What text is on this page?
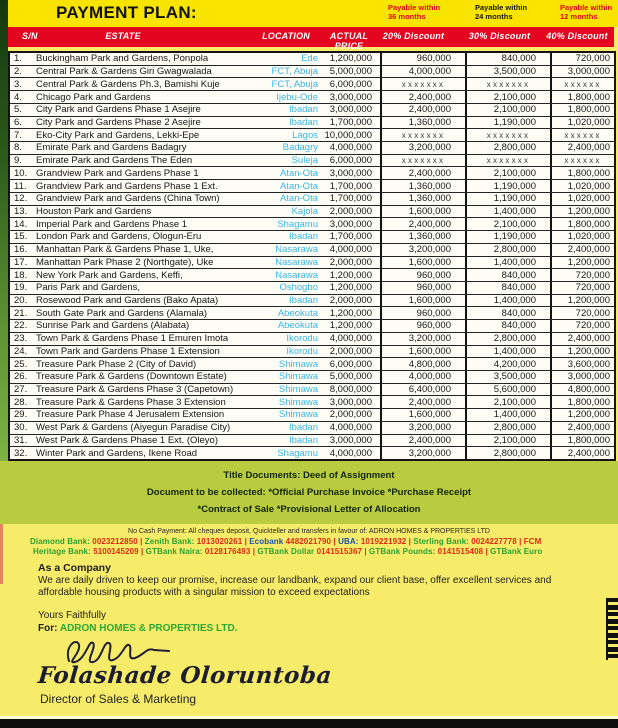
PAYMENT PLAN:	Payable within
36 months
Payable within
24 months
Payable within
12 months
S/N	ESTATE	LOCATION	ACTUAL PRICE
20% Discount	30% Discount	40% Discount
1.	Buckingham Park and Gardens, Ponpola	Ede	1,200,000	960,000	840,000	720,000
2.	Central Park & Gardens Giri Gwagwalada	FCT, Abuja	5,000,000	4,000,000	3,500,000	3,000,000
3.	Central Park & Gardens Ph.3, Bamishi Kuje	FCT, Abuja	6,000,000	xxxxxxx	xxxxxxx	xxxxxx
4.	Chicago Park and Gardens	Ijebu-Ode	3,000,000	2,400,000	2,100,000	1,800,000
5.	City Park and Gardens Phase 1 Asejire	Ibadan	3,000,000	2,400,000	2,100,000	1,800,000
6.	City Park and Gardens Phase 2 Asejire	Ibadan	1,700,000	1,360,000	1,190,000	1,020,000
7.	Eko-City Park and Gardens, Lekki-Epe	Lagos 10,000,000	xxxxxxx	xxxxxxx	xxxxxx
8.	Emirate Park and Gardens Badagry	Badagry	4,000,000	3,200,000	2,800,000	2,400,000
9.	Emirate Park and Gardens The Eden	Suleja	6,000,000	xxxxxxx	xxxxxxx	xxxxxx
10. Grandview Park and Gardens Phase 1	Atan-Ota	3,000,000	2,400,000	2,100,000	1,800,000
11. Grandview Park and Gardens Phase 1 Ext.	Atan-Ota	1,700,000	1,360,000	1,190,000	1,020,000
12. Grandview Park and Gardens (China Town)	Atan-Ota	1,700,000	1,360,000	1,190,000	1,020,000
13. Houston Park and Gardens	Kajola	2,000,000	1,600,000	1,400,000	1,200,000
14. Imperial Park and Gardens Phase 1	Shagamu	3,000,000	2,400,000	2,100,000	1,800,000
15. London Park and Gardens, Ologun-Eru	Ibadan	1,700,000	1,360,000	1,190,000	1,020,000
16. Manhattan Park & Gardens Phase 1, Uke,	Nasarawa	4,000,000	3,200,000	2,800,000	2,400,000
17. Manhattan Park Phase 2 (Northgate), Uke	Nasarawa	2,000,000	1,600,000	1,400,000	1,200,000
18. New York Park and Gardens, Keffi,	Nasarawa	1,200,000	960,000	840,000	720,000
19. Paris Park and Gardens,	Oshogbo	1,200,000	960,000	840,000	720,000
20. Rosewood Park and Gardens (Bako Apata)	Ibadan	2,000,000	1,600,000	1,400,000	1,200,000
21. South Gate Park and Gardens (Alamala)	Abeokuta	1,200,000	960,000	840,000	720,000
22. Sunrise Park and Gardens (Alabata)	Abeokuta	1,200,000	960,000	840,000	720,000
23. Town Park & Gardens Phase 1 Emuren Imota	Ikorodu	4,000,000	3,200,000	2,800,000	2,400,000
24. Town Park and Gardens Phase 1 Extension	Ikorodu	2,000,000	1,600,000	1,400,000	1,200,000
25. Treasure Park Phase 2 (City of David)	Shimawa	6,000,000	4,800,000	4,200,000	3,600,000
26. Treasure Park & Gardens (Downtown Estate)	Shimawa	5,000,000	4,000,000	3,500,000	3,000,000
27. Treasure Park & Gardens Phase 3 (Capetown)	Shimawa	8,000,000	6,400,000	5,600,000	4,800,000
28. Treasure Park & Gardens Phase 3 Extension	Shimawa	3,000,000	2,400,000	2,100,000	1,800,000
29. Treasure Park Phase 4 Jerusalem Extension	Shimawa	2,000,000	1,600,000	1,400,000	1,200,000
30. West Park & Gardens (Aiyegun Paradise City)	Ibadan	4,000,000	3,200,000	2,800,000	2,400,000
31. West Park & Gardens Phase 1 Ext. (Oleyo)	Ibadan	3,000,000	2,400,000	2,100,000	1,800,000
32. Winter Park and Gardens, Ikene Road	Shagamu	4,000,000	3,200,000	2,800,000	2,400,000
Title Documents: Deed of Assignment
Document to be collected: *Official Purchase Invoice *Purchase Receipt
*Contract of Sale *Provisional Letter of Allocation
No Cash Payment: All cheques deposit, Quickteller and transfers in favour of: ADRON HOMES & PROPERTIES LTD
Diamond Bank: 0023212850 | Zenith Bank: 1013020261 | Ecobank 4482021790 | UBA: 1019221932 | Sterling Bank: 0024227778 | FCM
Heritage Bank: 5100145209 | GTBank Naira: 0128176493 | GTBank Dollar 0141515367 | GTBank Pounds: 0141515408 | GTBank Euro
As a Company
We are daily driven to keep our promise, increase our landbank, expand our client base, offer excellent services and affordable housing products with a singular mission to exceed expectations
Yours Faithfully
For: ADRON HOMES & PROPERTIES LTD.
Folashade Oloruntoba
Director of Sales & Marketing
